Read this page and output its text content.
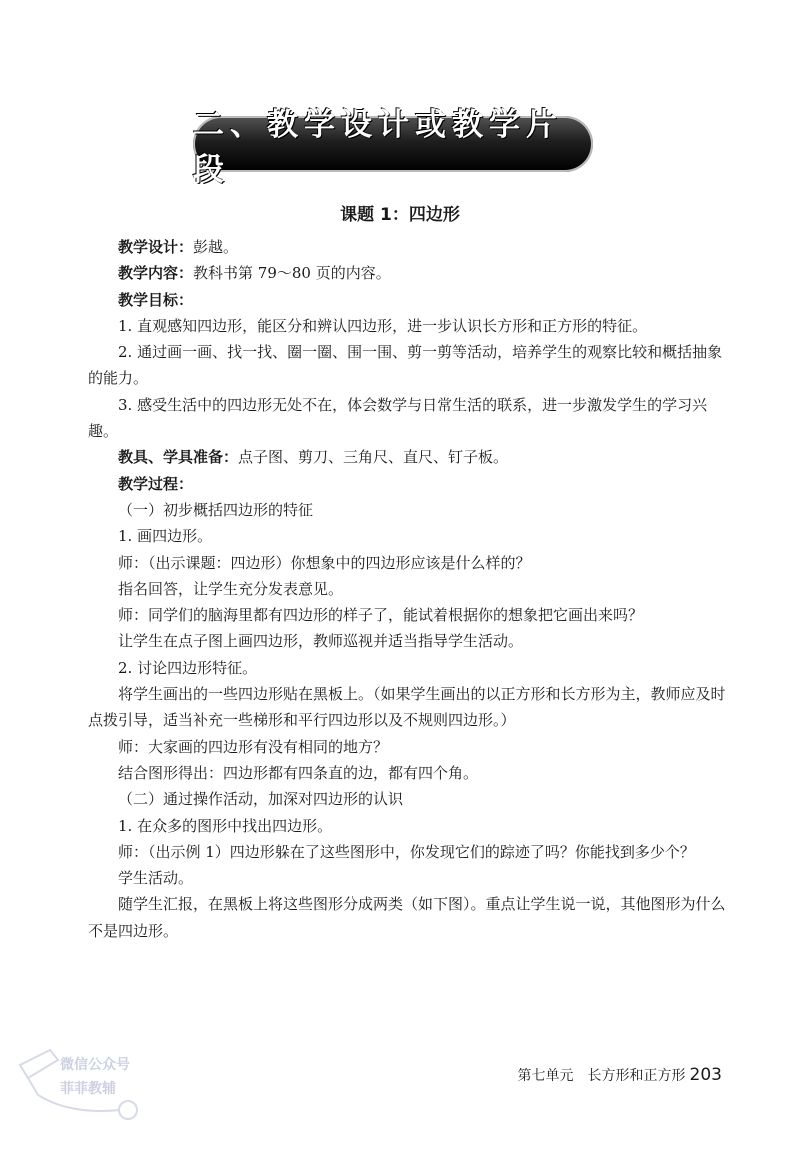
二、教学设计或教学片段
课题 1：四边形

教学设计：彭越。

教学内容：教科书第 79～80 页的内容。

教学目标：

1. 直观感知四边形，能区分和辨认四边形，进一步认识长方形和正方形的特征。

2. 通过画一画、找一找、圈一圈、围一围、剪一剪等活动，培养学生的观察比较和概括抽象的能力。

3. 感受生活中的四边形无处不在，体会数学与日常生活的联系，进一步激发学生的学习兴趣。

教具、学具准备：点子图、剪刀、三角尺、直尺、钉子板。

教学过程：

（一）初步概括四边形的特征

1. 画四边形。

师：（出示课题：四边形）你想象中的四边形应该是什么样的？

指名回答，让学生充分发表意见。

师：同学们的脑海里都有四边形的样子了，能试着根据你的想象把它画出来吗？

让学生在点子图上画四边形，教师巡视并适当指导学生活动。

2. 讨论四边形特征。

将学生画出的一些四边形贴在黑板上。（如果学生画出的以正方形和长方形为主，教师应及时点拨引导，适当补充一些梯形和平行四边形以及不规则四边形。）

师：大家画的四边形有没有相同的地方？

结合图形得出：四边形都有四条直的边，都有四个角。

（二）通过操作活动，加深对四边形的认识

1. 在众多的图形中找出四边形。

师：（出示例 1）四边形躲在了这些图形中，你发现它们的踪迹了吗？你能找到多少个？

学生活动。

随学生汇报，在黑板上将这些图形分成两类（如下图）。重点让学生说一说，其他图形为什么不是四边形。

微信公众号
菲菲教辅
第七单元　长方形和正方形 203
